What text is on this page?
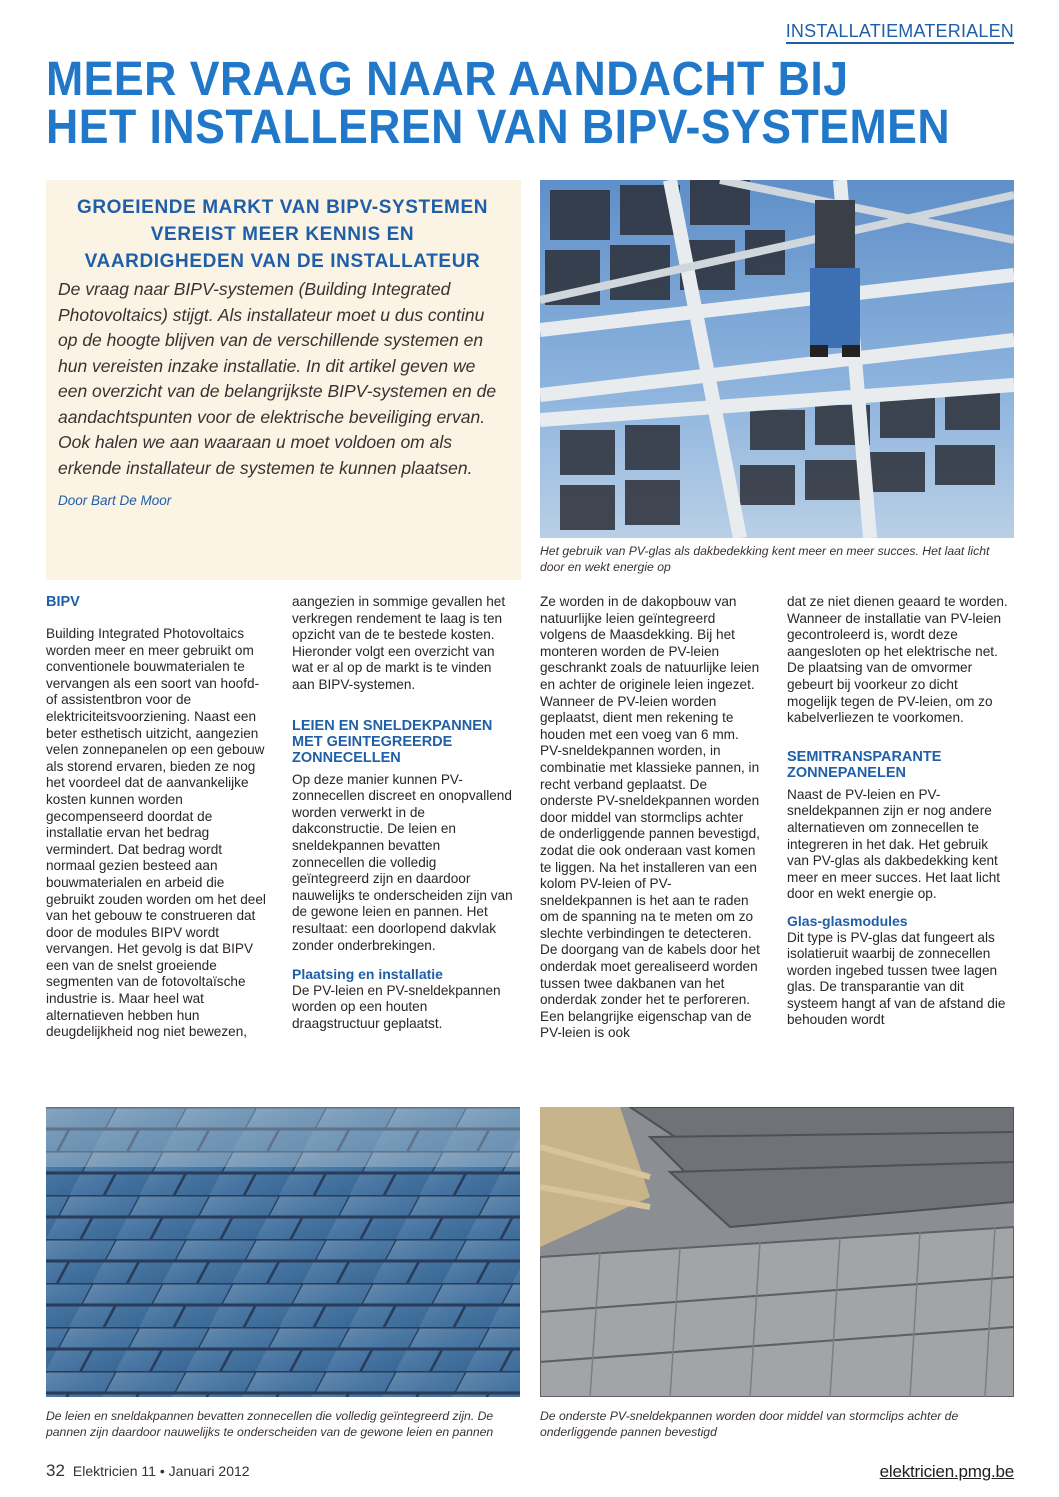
INSTALLATIEMATERIALEN
MEER VRAAG NAAR AANDACHT BIJ
HET INSTALLEREN VAN BIPV-SYSTEMEN
GROEIENDE MARKT VAN BIPV-SYSTEMEN
VEREIST MEER KENNIS EN
VAARDIGHEDEN VAN DE INSTALLATEUR

De vraag naar BIPV-systemen (Building Integrated Photovoltaics) stijgt. Als installateur moet u dus continu op de hoogte blijven van de verschillende systemen en hun vereisten inzake installatie. In dit artikel geven we een overzicht van de belangrijkste BIPV-systemen en de aandachtspunten voor de elektrische beveiliging ervan. Ook halen we aan waaraan u moet voldoen om als erkende installateur de systemen te kunnen plaatsen.

Door Bart De Moor

Het gebruik van PV-glas als dakbedekking kent meer en meer succes. Het laat licht door en wekt energie op
BIPV

Building Integrated Photovoltaics worden meer en meer gebruikt om conventionele bouwmaterialen te vervangen als een soort van hoofd- of assistentbron voor de elektriciteitsvoorziening. Naast een beter esthetisch uitzicht, aangezien velen zonnepanelen op een gebouw als storend ervaren, bieden ze nog het voordeel dat de aanvankelijke kosten kunnen worden gecompenseerd doordat de installatie ervan het bedrag vermindert. Dat bedrag wordt normaal gezien besteed aan bouwmaterialen en arbeid die gebruikt zouden worden om het deel van het gebouw te construeren dat door de modules BIPV wordt vervangen. Het gevolg is dat BIPV een van de snelst groeiende segmenten van de fotovoltaïsche industrie is. Maar heel wat alternatieven hebben hun deugdelijkheid nog niet bewezen,

aangezien in sommige gevallen het verkregen rendement te laag is ten opzicht van de te bestede kosten. Hieronder volgt een overzicht van wat er al op de markt is te vinden aan BIPV-systemen.

LEIEN EN SNELDEKPANNEN MET GEINTEGREERDE ZONNECELLEN

Op deze manier kunnen PV-zonnecellen discreet en onopvallend worden verwerkt in de dakconstructie. De leien en sneldekpannen bevatten zonnecellen die volledig geïntegreerd zijn en daardoor nauwelijks te onderscheiden zijn van de gewone leien en pannen. Het resultaat: een doorlopend dakvlak zonder onderbrekingen.

Plaatsing en installatie

De PV-leien en PV-sneldekpannen worden op een houten draagstructuur geplaatst.

Ze worden in de dakopbouw van natuurlijke leien geïntegreerd volgens de Maasdekking. Bij het monteren worden de PV-leien geschrankt zoals de natuurlijke leien en achter de originele leien ingezet. Wanneer de PV-leien worden geplaatst, dient men rekening te houden met een voeg van 6 mm. PV-sneldekpannen worden, in combinatie met klassieke pannen, in recht verband geplaatst. De onderste PV-sneldekpannen worden door middel van stormclips achter de onderliggende pannen bevestigd, zodat die ook onderaan vast komen te liggen. Na het installeren van een kolom PV-leien of PV-sneldekpannen is het aan te raden om de spanning na te meten om zo slechte verbindingen te detecteren. De doorgang van de kabels door het onderdak moet gerealiseerd worden tussen twee dakbanen van het onderdak zonder het te perforeren. Een belangrijke eigenschap van de PV-leien is ook

dat ze niet dienen geaard te worden. Wanneer de installatie van PV-leien gecontroleerd is, wordt deze aangesloten op het elektrische net. De plaatsing van de omvormer gebeurt bij voorkeur zo dicht mogelijk tegen de PV-leien, om zo kabelverliezen te voorkomen.

SEMITRANSPARANTE ZONNEPANELEN

Naast de PV-leien en PV-sneldekpannen zijn er nog andere alternatieven om zonnecellen te integreren in het dak. Het gebruik van PV-glas als dakbedekking kent meer en meer succes. Het laat licht door en wekt energie op.

Glas-glasmodules

Dit type is PV-glas dat fungeert als isolatieruit waarbij de zonnecellen worden ingebed tussen twee lagen glas. De transparantie van dit systeem hangt af van de afstand die behouden wordt

De leien en sneldakpannen bevatten zonnecellen die volledig geïntegreerd zijn. De pannen zijn daardoor nauwelijks te onderscheiden van de gewone leien en pannen
De onderste PV-sneldekpannen worden door middel van stormclips achter de onderliggende pannen bevestigd
32 Elektricien 11 • Januari 2012	elektricien.pmg.be
